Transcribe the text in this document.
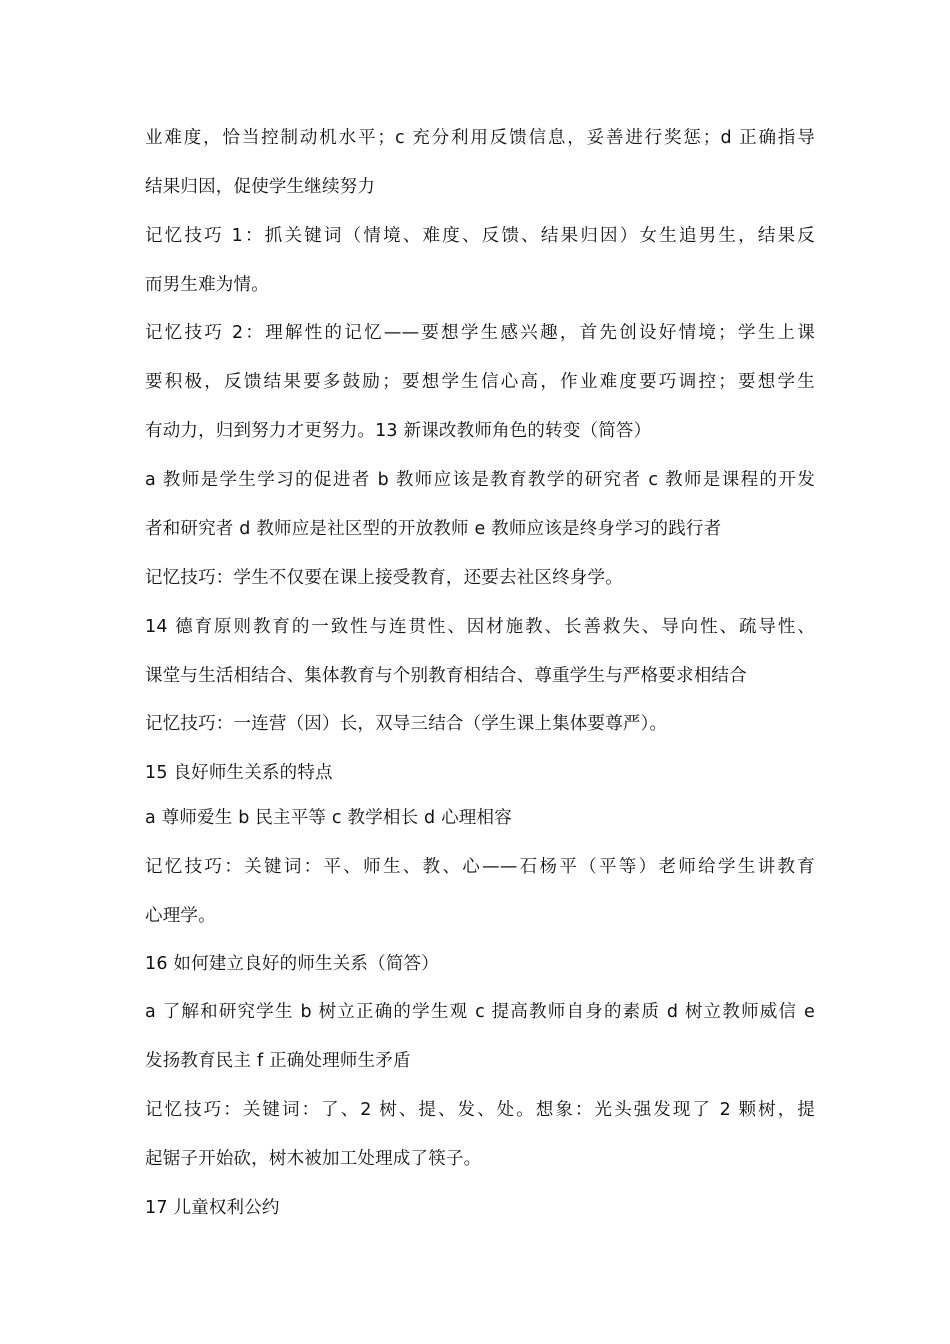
业难度，恰当控制动机水平；c 充分利用反馈信息，妥善进行奖惩；d 正确指导
结果归因，促使学生继续努力
记忆技巧 1：抓关键词（情境、难度、反馈、结果归因）女生追男生，结果反
而男生难为情。
记忆技巧 2：理解性的记忆——要想学生感兴趣，首先创设好情境；学生上课
要积极，反馈结果要多鼓励；要想学生信心高，作业难度要巧调控；要想学生
有动力，归到努力才更努力。13 新课改教师角色的转变（简答）
a 教师是学生学习的促进者 b 教师应该是教育教学的研究者 c 教师是课程的开发
者和研究者 d 教师应是社区型的开放教师 e 教师应该是终身学习的践行者
记忆技巧：学生不仅要在课上接受教育，还要去社区终身学。
14 德育原则教育的一致性与连贯性、因材施教、长善救失、导向性、疏导性、
课堂与生活相结合、集体教育与个别教育相结合、尊重学生与严格要求相结合
记忆技巧：一连营（因）长，双导三结合（学生课上集体要尊严）。
15 良好师生关系的特点
a 尊师爱生 b 民主平等 c 教学相长 d 心理相容
记忆技巧：关键词：平、师生、教、心——石杨平（平等）老师给学生讲教育
心理学。
16 如何建立良好的师生关系（简答）
a 了解和研究学生 b 树立正确的学生观 c 提高教师自身的素质 d 树立教师威信 e
发扬教育民主 f 正确处理师生矛盾
记忆技巧：关键词：了、2 树、提、发、处。想象：光头强发现了 2 颗树，提
起锯子开始砍，树木被加工处理成了筷子。
17 儿童权利公约
